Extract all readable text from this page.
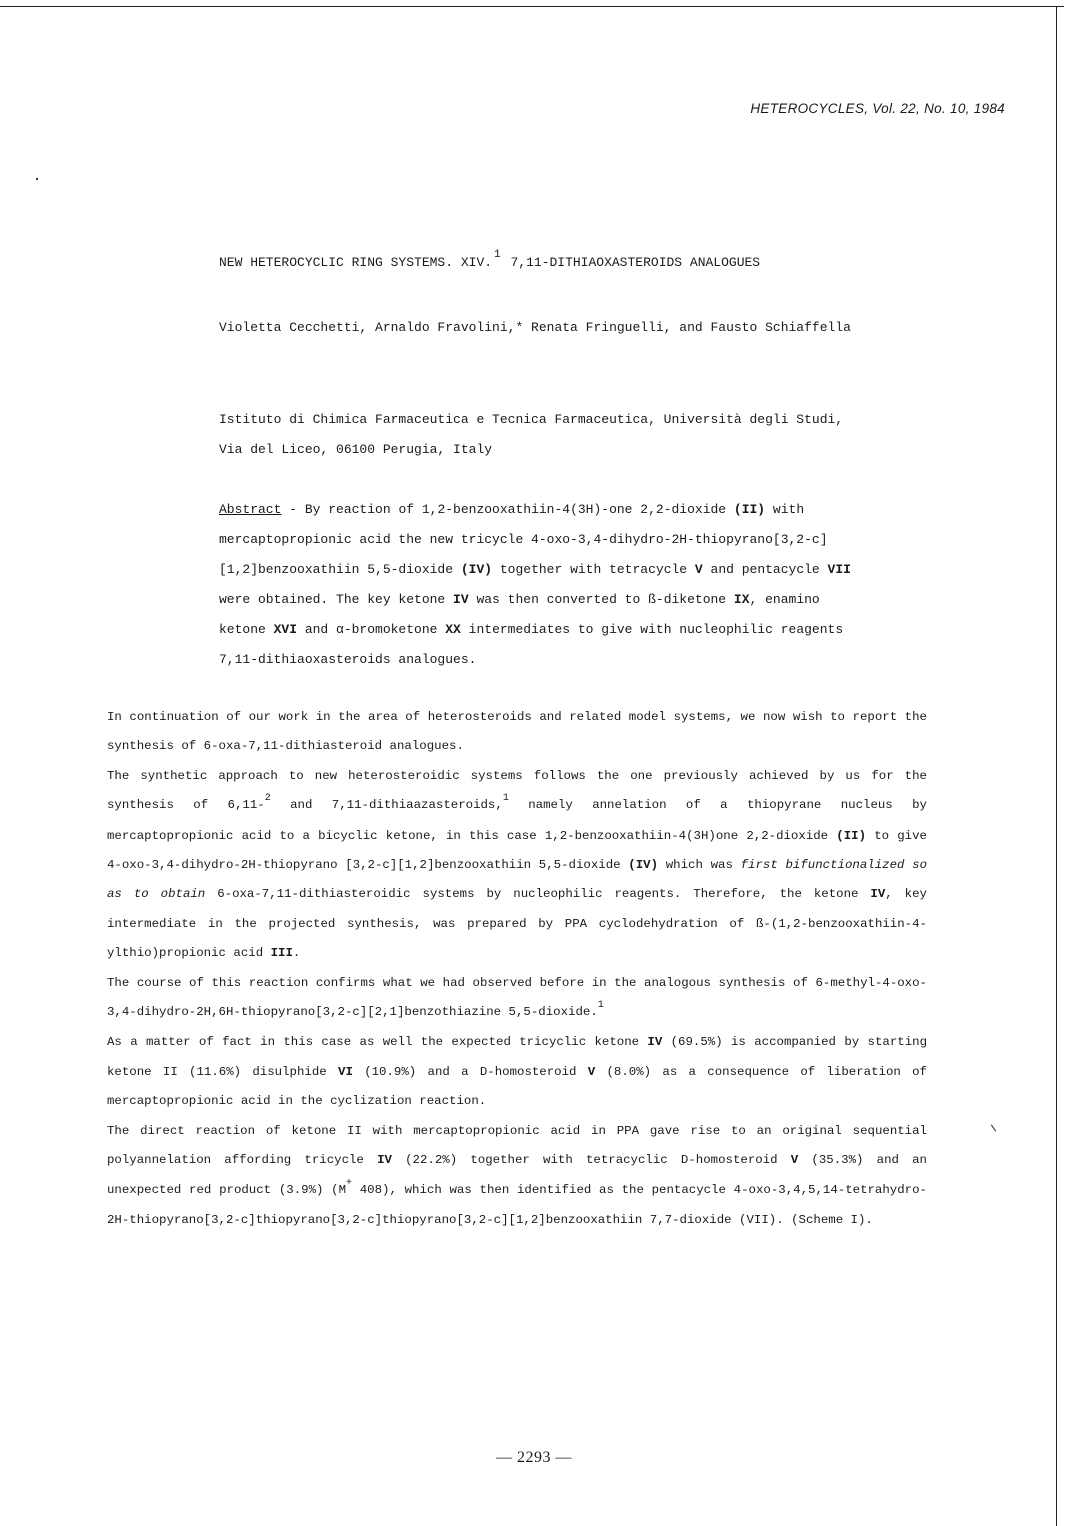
HETEROCYCLES, Vol. 22, No. 10, 1984
NEW HETEROCYCLIC RING SYSTEMS. XIV. $^1$ 7,11-DITHIAOXASTEROIDS ANALOGUES
Violetta Cecchetti, Arnaldo Fravolini,* Renata Fringuelli, and Fausto Schiaffella
Istituto di Chimica Farmaceutica e Tecnica Farmaceutica, Università degli Studi, Via del Liceo, 06100 Perugia, Italy
Abstract - By reaction of 1,2-benzooxathiin-4(3H)-one 2,2-dioxide (II) with mercaptopropionic acid the new tricycle 4-oxo-3,4-dihydro-2H-thiopyrano[3,2-c][1,2]benzooxathiin 5,5-dioxide (IV) together with tetracycle V and pentacycle VII were obtained. The key ketone IV was then converted to ß-diketone IX, enamino ketone XVI and α-bromoketone XX intermediates to give with nucleophilic reagents 7,11-dithiaoxasteroids analogues.

In continuation of our work in the area of heterosteroids and related model systems, we now wish to report the synthesis of 6-oxa-7,11-dithiasteroid analogues.

The synthetic approach to new heterosteroidic systems follows the one previously achieved by us for the synthesis of 6,11-$^2$ and 7,11-dithiaazasteroids,$^1$ namely annelation of a thiopyrane nucleus by mercaptopropionic acid to a bicyclic ketone, in this case 1,2-benzooxathiin-4(3H)one 2,2-dioxide (II) to give 4-oxo-3,4-dihydro-2H-thiopyrano [3,2-c][1,2]benzooxathiin 5,5-dioxide (IV) which was first bifunctionalized so as to obtain 6-oxa-7,11-dithiasteroidic systems by nucleophilic reagents. Therefore, the ketone IV, key intermediate in the projected synthesis, was prepared by PPA cyclodehydration of ß-(1,2-benzooxathiin-4-ylthio)propionic acid III.

The course of this reaction confirms what we had observed before in the analogous synthesis of 6-methyl-4-oxo-3,4-dihydro-2H,6H-thiopyrano[3,2-c][2,1]benzothiazine 5,5-dioxide.$^1$

As a matter of fact in this case as well the expected tricyclic ketone IV (69.5%) is accompanied by starting ketone II (11.6%) disulphide VI (10.9%) and a D-homosteroid V (8.0%) as a consequence of liberation of mercaptopropionic acid in the cyclization reaction.

The direct reaction of ketone II with mercaptopropionic acid in PPA gave rise to an original sequential polyannelation affording tricycle IV (22.2%) together with tetracyclic D-homosteroid V (35.3%) and an unexpected red product (3.9%) (M+ 408), which was then identified as the pentacycle 4-oxo-3,4,5,14-tetrahydro-2H-thiopyrano[3,2-c]thiopyrano[3,2-c]thiopyrano[3,2-c][1,2]benzooxathiin 7,7-dioxide (VII). (Scheme I).

— 2293 —
